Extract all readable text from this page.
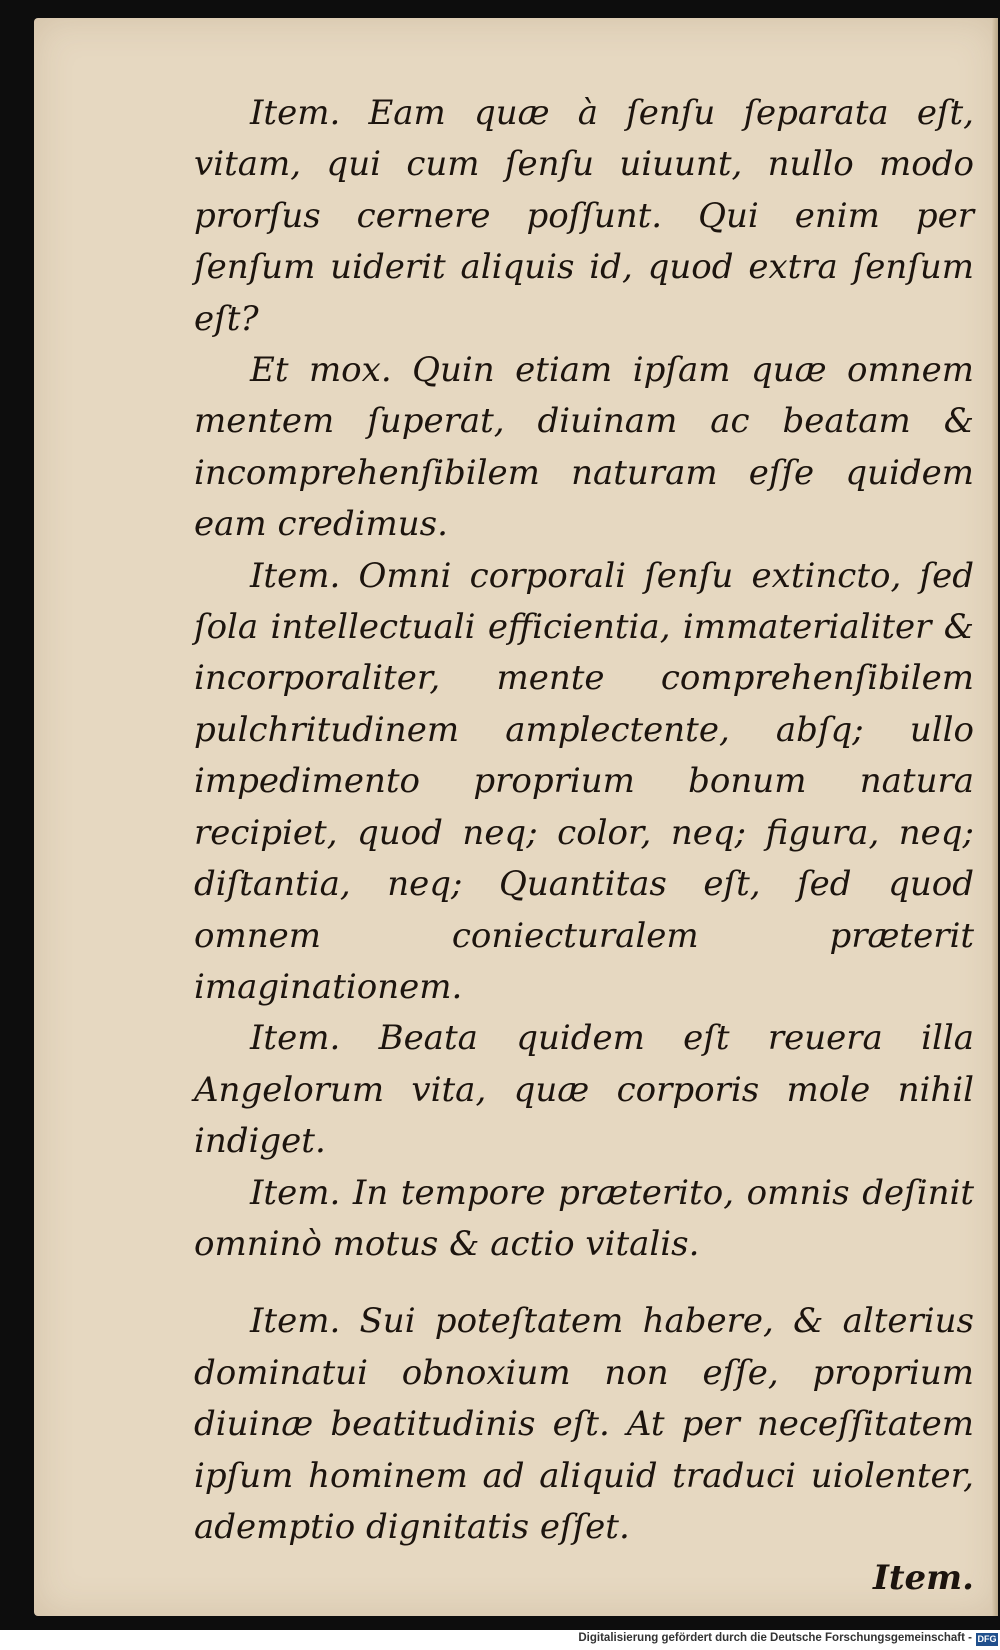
Item. Eam quæ à ſenſu ſeparata eſt, vitam, qui cum ſenſu uiuunt, nullo modo prorſus cernere poſſunt. Qui enim per ſenſum uiderit aliquis id, quod extra ſenſum eſt?

Et mox. Quin etiam ipſam quæ omnem mentem ſuperat, diuinam ac beatam & incomprehenſibilem naturam eſſe quidem eam credimus.

Item. Omni corporali ſenſu extincto, ſed ſola intellectuali efficientia, immaterialiter & incorporaliter, mente comprehenſibilem pulchritudinem amplectente, abſq; ullo impedimento proprium bonum natura recipiet, quod neq; color, neq; figura, neq; diſtantia, neq; Quantitas eſt, ſed quod omnem coniecturalem præterit imaginationem.

Item. Beata quidem eſt reuera illa Angelorum vita, quæ corporis mole nihil indiget.

Item. In tempore præterito, omnis deſinit omninò motus & actio vitalis.

Item. Sui poteſtatem habere, & alterius dominatui obnoxium non eſſe, proprium diuinæ beatitudinis eſt. At per neceſſitatem ipſum hominem ad aliquid traduci uiolenter, ademptio dignitatis eſſet.

Item.

Digitalisierung gefördert durch die Deutsche Forschungsgemeinschaft - DFG
